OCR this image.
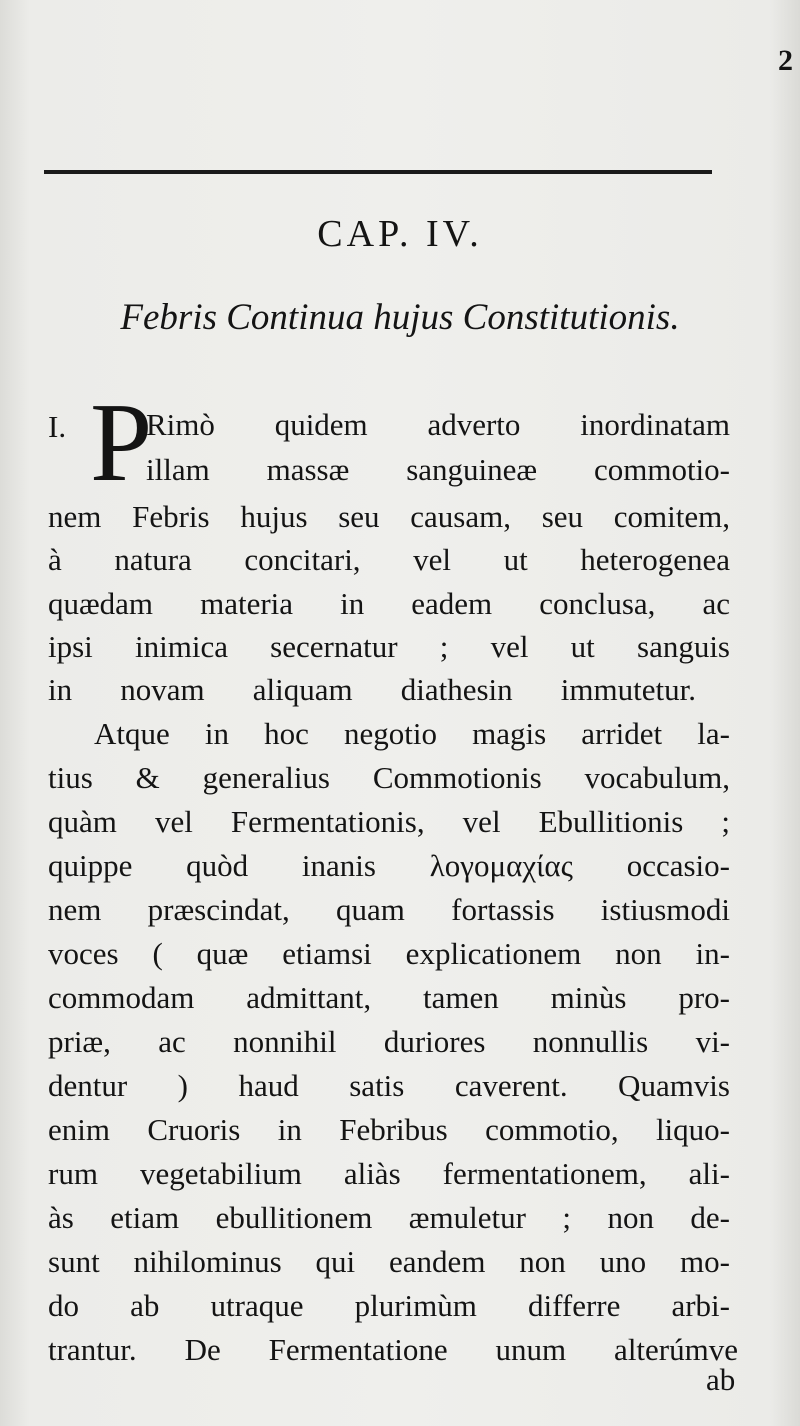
2
CAP. IV.
Febris Continua hujus Constitutionis.
I. P
Rimò quidem adverto inordinatam
illam massæ sanguineæ commotio-
nem Febris hujus seu causam, seu comitem,
à natura concitari, vel ut heterogenea
quædam materia in eadem conclusa, ac
ipsi inimica secernatur ; vel ut sanguis
in novam aliquam diathesin immutetur.
Atque in hoc negotio magis arridet la-
tius & generalius Commotionis vocabulum,
quàm vel Fermentationis, vel Ebullitionis ;
quippe quòd inanis λογομαχίας occasio-
nem præscindat, quam fortassis istiusmodi
voces ( quæ etiamsi explicationem non in-
commodam admittant, tamen minùs pro-
priæ, ac nonnihil duriores nonnullis vi-
dentur ) haud satis caverent. Quamvis
enim Cruoris in Febribus commotio, liquo-
rum vegetabilium aliàs fermentationem, ali-
às etiam ebullitionem æmuletur ; non de-
sunt nihilominus qui eandem non uno mo-
do ab utraque plurimùm differre arbi-
trantur. De Fermentatione unum alterúmve
ab
